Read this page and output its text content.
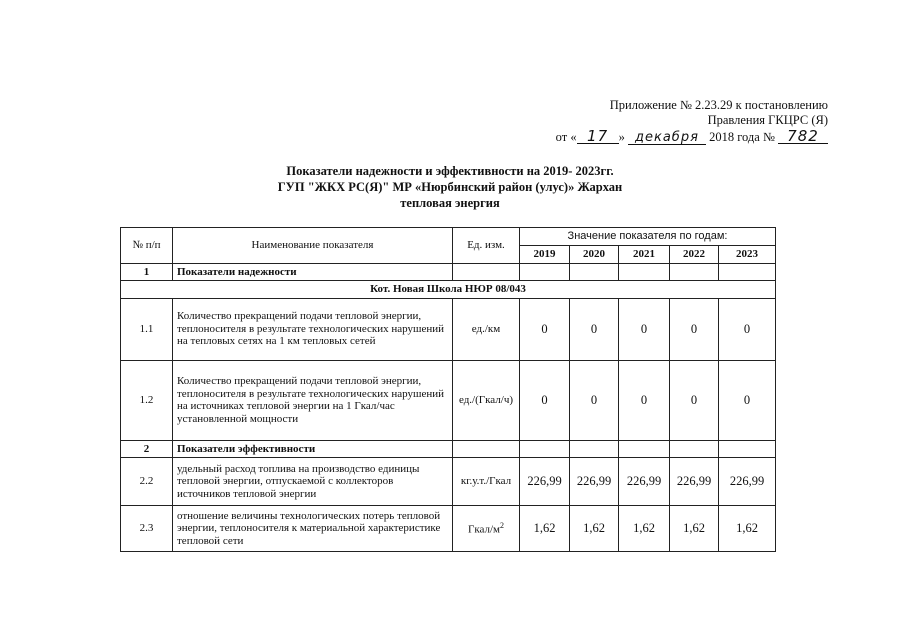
Приложение № 2.23.29 к постановлению
Правления ГКЦРС (Я)
от « 17 » декабря 2018 года № 782
Показатели надежности и эффективности на 2019- 2023гг.
ГУП "ЖКХ РС(Я)" МР «Нюрбинский район (улус)» Жархан
тепловая энергия
№ п/п	Наименование показателя	Ед. изм.	Значение показателя по годам:				
			2019	2020	2021	2022	2023
1	Показатели надежности						
Кот. Новая Школа НЮР 08/043							
1.1	Количество прекращений подачи тепловой энергии, теплоносителя в результате технологических нарушений на тепловых сетях на 1 км тепловых сетей	ед./км	0	0	0	0	0
1.2	Количество прекращений подачи тепловой энергии, теплоносителя в результате технологических нарушений на источниках тепловой энергии на 1 Гкал/час установленной мощности	ед./(Гкал/ч)	0	0	0	0	0
2	Показатели эффективности						
2.2	удельный расход топлива на производство единицы тепловой энергии, отпускаемой с коллекторов источников тепловой энергии	кг.у.т./Гкал	226,99	226,99	226,99	226,99	226,99
2.3	отношение величины технологических потерь тепловой энергии, теплоносителя к материальной характеристике тепловой сети	Гкал/$м^2$	1,62	1,62	1,62	1,62	1,62
